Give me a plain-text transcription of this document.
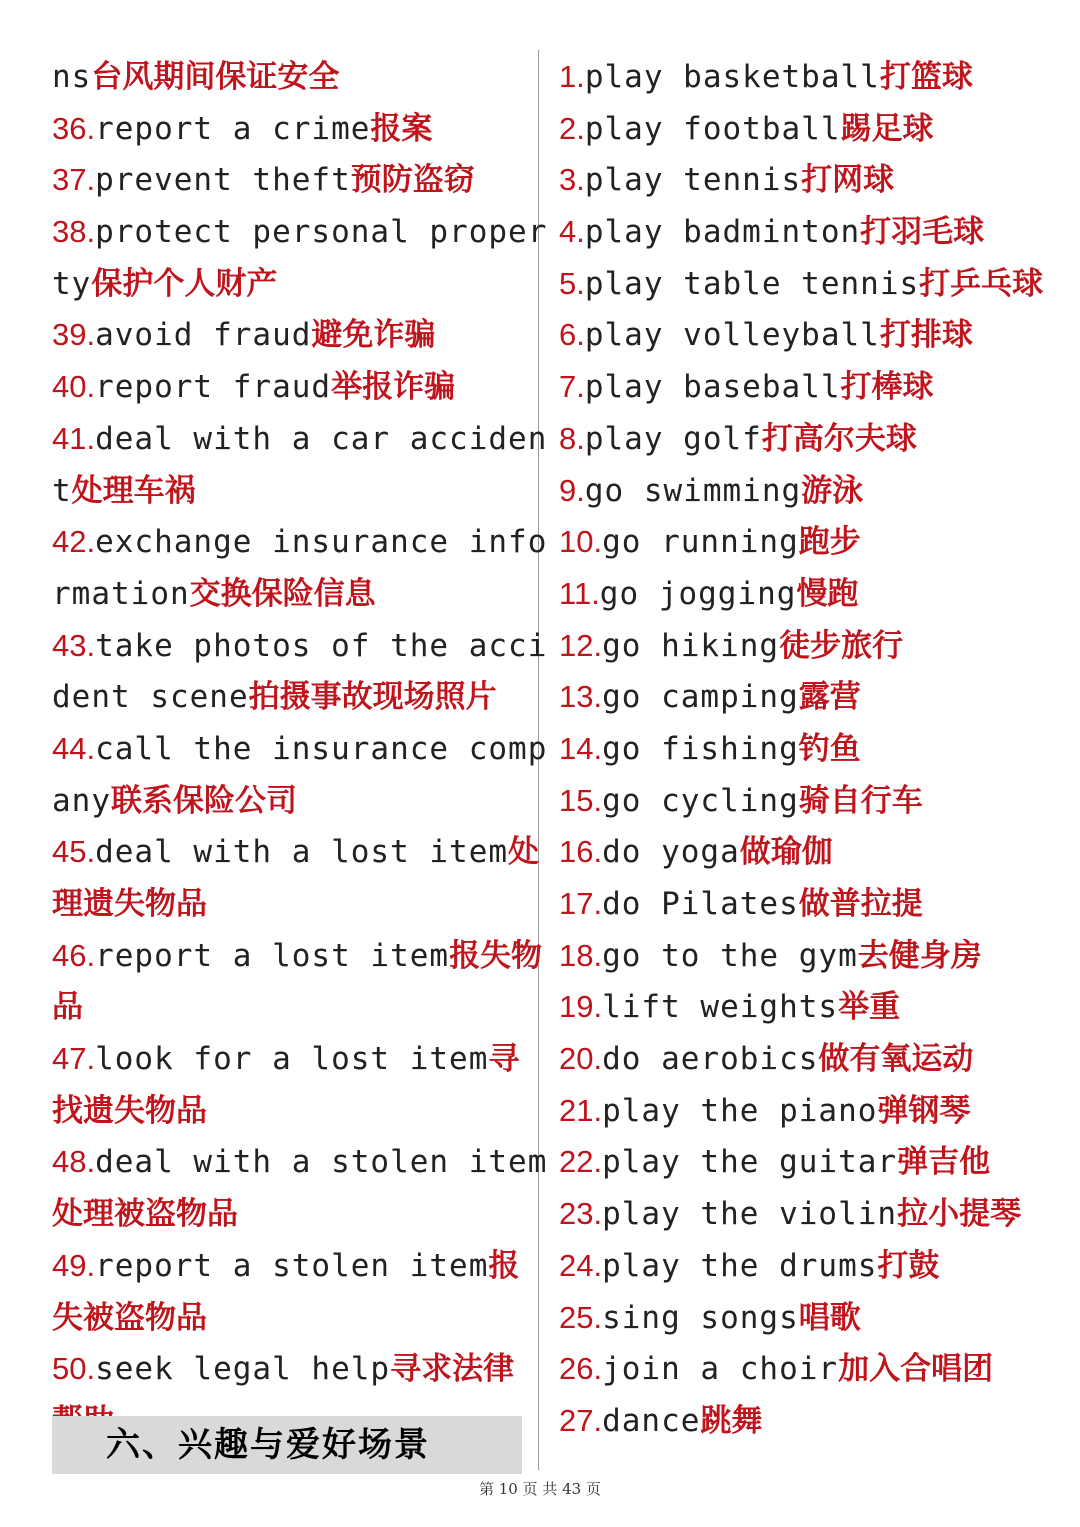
ns台风期间保证安全
36.report a crime报案
37.prevent theft预防盗窃
38.protect personal proper
ty保护个人财产
39.avoid fraud避免诈骗
40.report fraud举报诈骗
41.deal with a car acciden
t处理车祸
42.exchange insurance info
rmation交换保险信息
43.take photos of the acci
dent scene拍摄事故现场照片
44.call the insurance comp
any联系保险公司
45.deal with a lost item处
理遗失物品
46.report a lost item报失物
品
47.look for a lost item寻
找遗失物品
48.deal with a stolen item
处理被盗物品
49.report a stolen item报
失被盗物品
50.seek legal help寻求法律
1.play basketball打篮球
2.play football踢足球
3.play tennis打网球
4.play badminton打羽毛球
5.play table tennis打乒乓球
6.play volleyball打排球
7.play baseball打棒球
8.play golf打高尔夫球
9.go swimming游泳
10.go running跑步
11.go jogging慢跑
12.go hiking徒步旅行
13.go camping露营
14.go fishing钓鱼
15.go cycling骑自行车
16.do yoga做瑜伽
17.do Pilates做普拉提
18.go to the gym去健身房
19.lift weights举重
20.do aerobics做有氧运动
21.play the piano弹钢琴
22.play the guitar弹吉他
23.play the violin拉小提琴
24.play the drums打鼓
25.sing songs唱歌
26.join a choir加入合唱团
27.dance跳舞
六、兴趣与爱好场景
第 10 页 共 43 页
